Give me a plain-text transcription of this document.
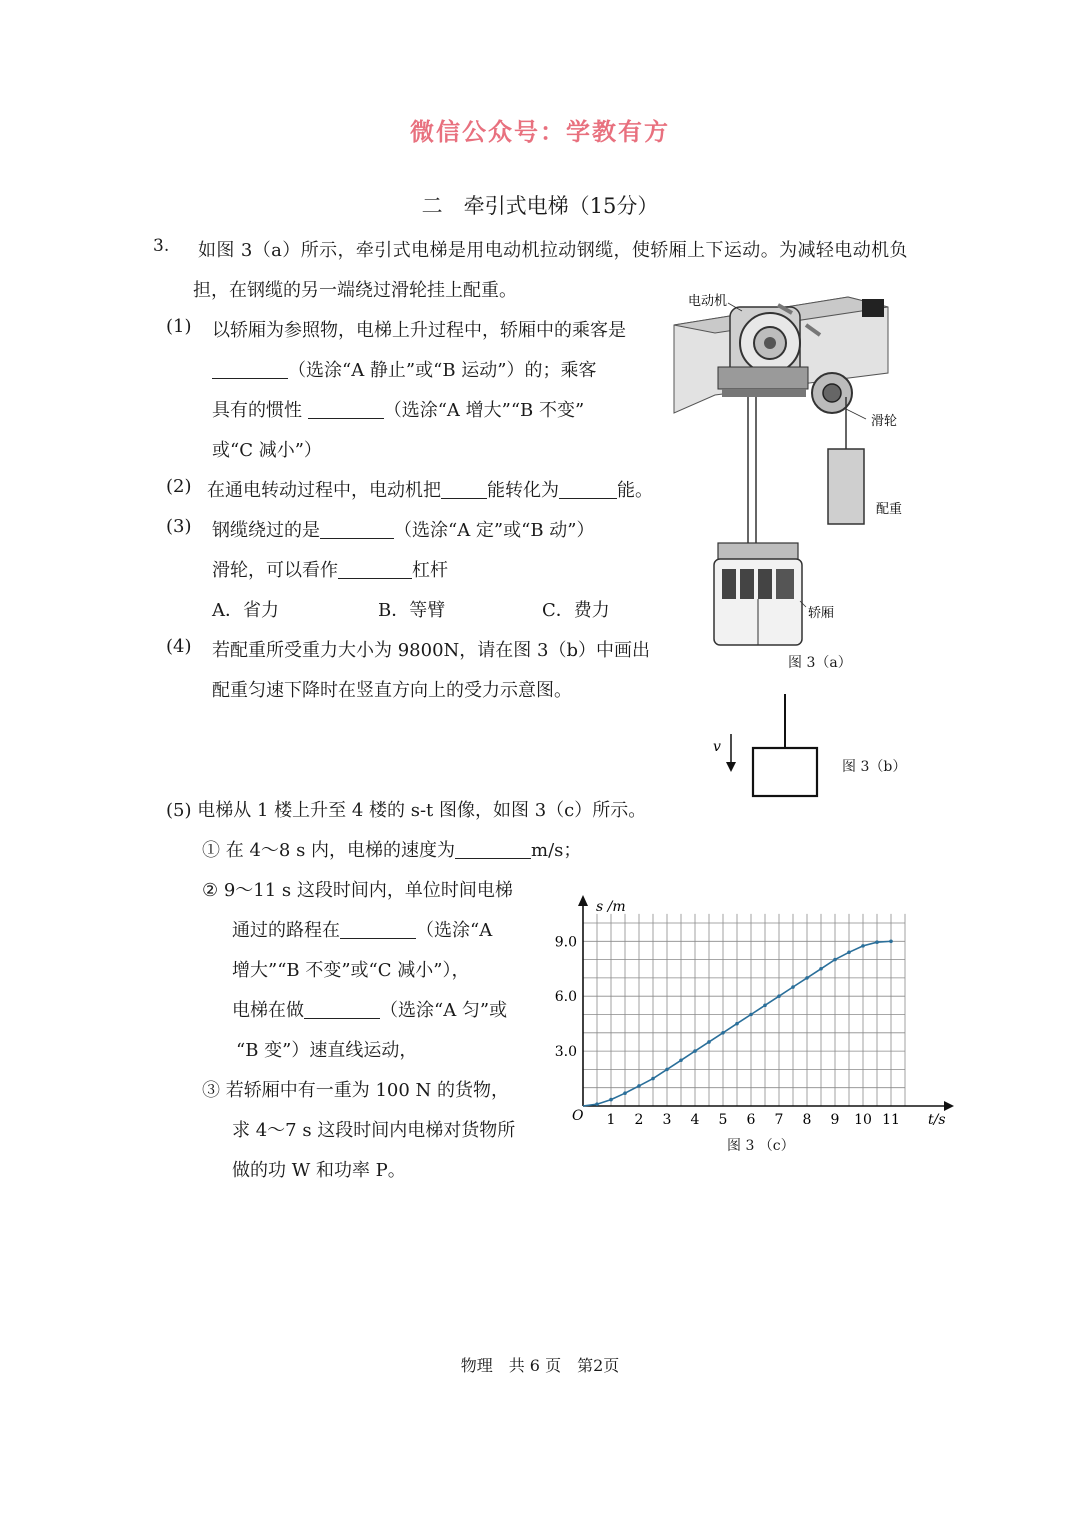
微信公众号：学教有方
二　牵引式电梯（15分）
3. 如图 3（a）所示，牵引式电梯是用电动机拉动钢缆，使轿厢上下运动。为减轻电动机负
担，在钢缆的另一端绕过滑轮挂上配重。
(1) 以轿厢为参照物，电梯上升过程中，轿厢中的乘客是
（选涂“A 静止”或“B 运动”）的；乘客
具有的惯性	（选涂“A 增大”“B 不变”
或“C 减小”）
(2) 在通电转动过程中，电动机把	能转化为	能。
(3) 钢缆绕过的是	（选涂“A 定”或“B 动”）
滑轮，可以看作	杠杆
A．省力	B．等臂	C．费力
(4) 若配重所受重力大小为 9800N，请在图 3（b）中画出
配重匀速下降时在竖直方向上的受力示意图。
(5) 电梯从 1 楼上升至 4 楼的 s-t 图像，如图 3（c）所示。
① 在 4～8 s 内，电梯的速度为	m/s；
② 9～11 s 这段时间内，单位时间电梯
通过的路程在	（选涂“A
增大”“B 不变”或“C 减小”），
电梯在做	（选涂“A 匀”或
“B 变”）速直线运动，
③ 若轿厢中有一重为 100 N 的货物，
求 4～7 s 这段时间内电梯对货物所
做的功 W 和功率 P。
电动机
滑轮
配重
轿厢
图 3（a）
v
图 3（b）
1 2 3 4 5 6 7 8 9 10 11
3.0
6.0
9.0
s /m
t/s
O
图 3 （c）
物理　共 6 页　第2页
